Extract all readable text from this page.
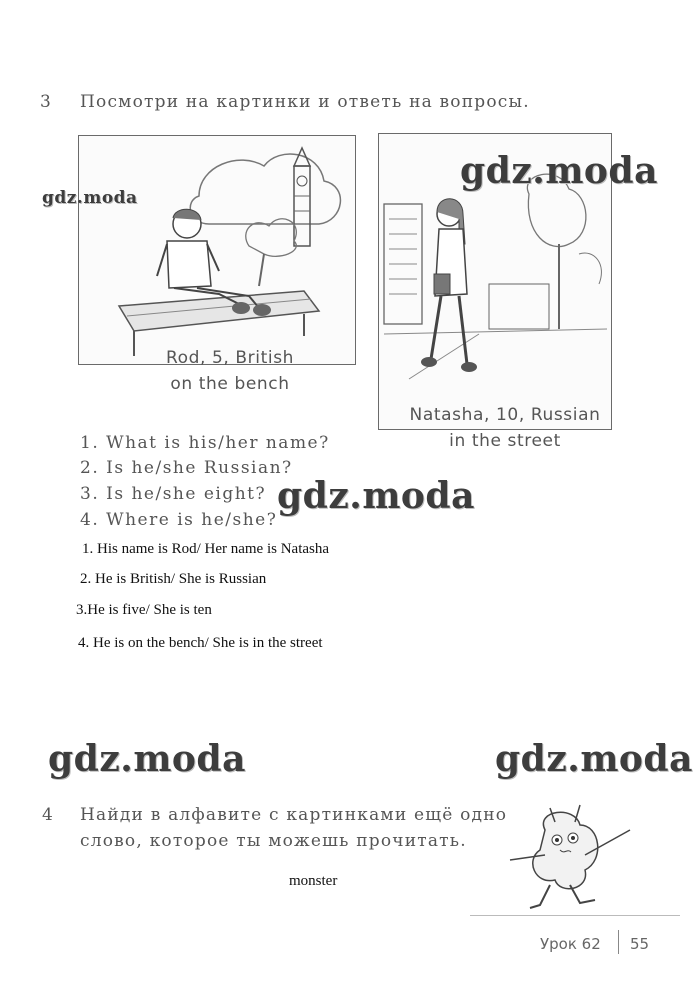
3 Посмотри на картинки и ответь на вопросы.
Rod, 5, British
on the bench
Natasha, 10, Russian
in the street
1. What is his/her name?
2. Is he/she Russian?
3. Is he/she eight?
4. Where is he/she?
1. His name is Rod/ Her name is Natasha
2. He is British/ She is Russian
3.He is five/ She is ten
4. He is on the bench/ She is in the street
4 Найди в алфавите с картинками ещё одно
слово, которое ты можешь прочитать.
monster
Урок 62 55
gdz.moda
gdz.moda
gdz.moda
gdz.moda	gdz.moda
